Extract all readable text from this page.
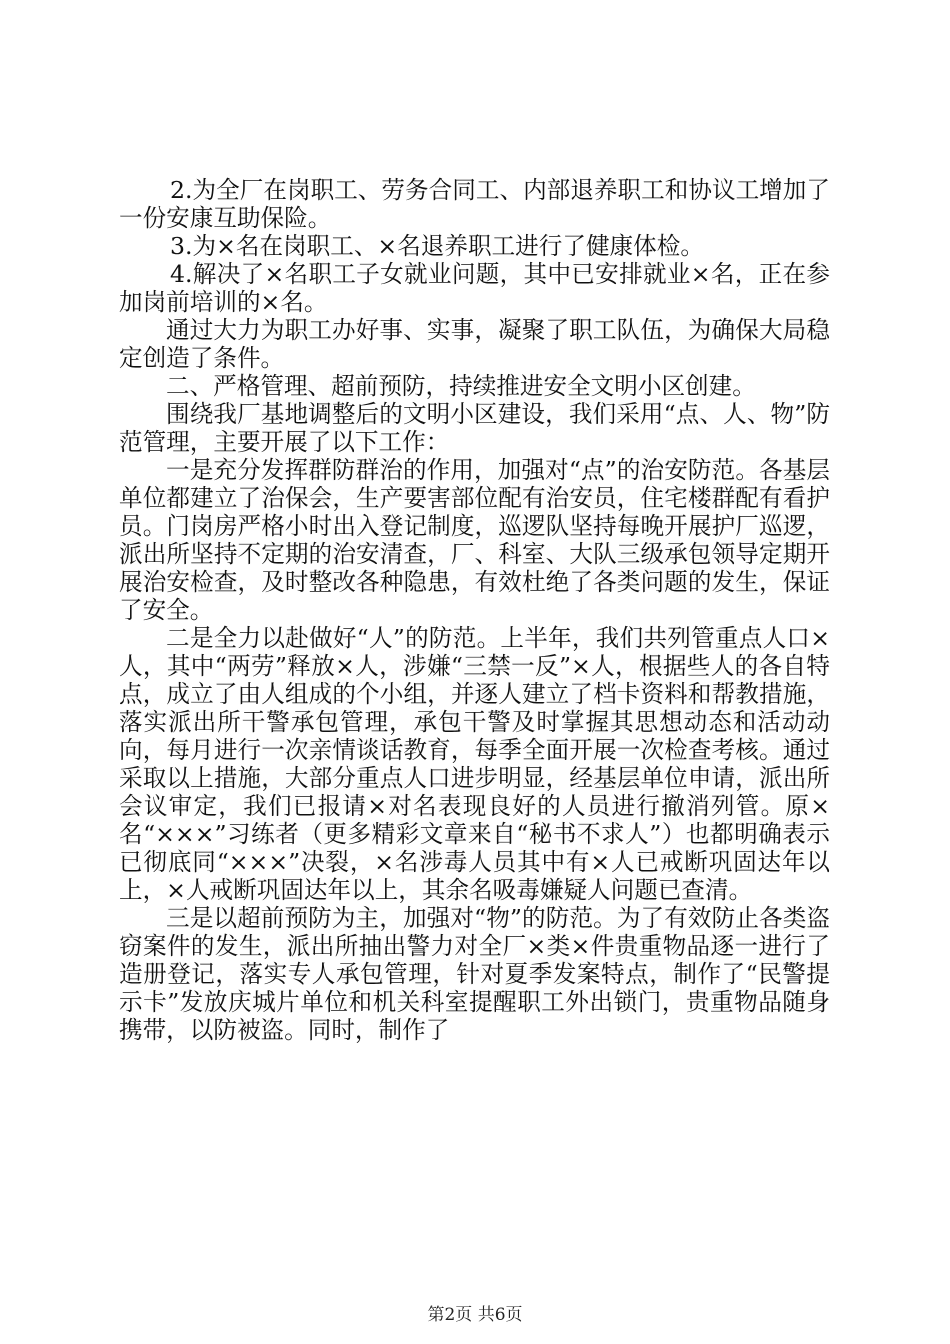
2.为全厂在岗职工、劳务合同工、内部退养职工和协议工增加了一份安康互助保险。

3.为×名在岗职工、×名退养职工进行了健康体检。

4.解决了×名职工子女就业问题，其中已安排就业×名，正在参加岗前培训的×名。

通过大力为职工办好事、实事，凝聚了职工队伍，为确保大局稳定创造了条件。

二、严格管理、超前预防，持续推进安全文明小区创建。

围绕我厂基地调整后的文明小区建设，我们采用“点、人、物”防范管理，主要开展了以下工作：

一是充分发挥群防群治的作用，加强对“点”的治安防范。各基层单位都建立了治保会，生产要害部位配有治安员，住宅楼群配有看护员。门岗房严格小时出入登记制度，巡逻队坚持每晚开展护厂巡逻，派出所坚持不定期的治安清查，厂、科室、大队三级承包领导定期开展治安检查，及时整改各种隐患，有效杜绝了各类问题的发生，保证了安全。

二是全力以赴做好“人”的防范。上半年，我们共列管重点人口×人，其中“两劳”释放×人，涉嫌“三禁一反”×人，根据些人的各自特点，成立了由人组成的个小组，并逐人建立了档卡资料和帮教措施，落实派出所干警承包管理，承包干警及时掌握其思想动态和活动动向，每月进行一次亲情谈话教育，每季全面开展一次检查考核。通过采取以上措施，大部分重点人口进步明显，经基层单位申请，派出所会议审定，我们已报请×对名表现良好的人员进行撤消列管。原×名“×××”习练者（更多精彩文章来自“秘书不求人”）也都明确表示已彻底同“×××”决裂，×名涉毒人员其中有×人已戒断巩固达年以上，×人戒断巩固达年以上，其余名吸毒嫌疑人问题已查清。

三是以超前预防为主，加强对“物”的防范。为了有效防止各类盗窃案件的发生，派出所抽出警力对全厂×类×件贵重物品逐一进行了造册登记，落实专人承包管理，针对夏季发案特点，制作了“民警提示卡”发放庆城片单位和机关科室提醒职工外出锁门，贵重物品随身携带，以防被盗。同时，制作了

第2页 共6页
